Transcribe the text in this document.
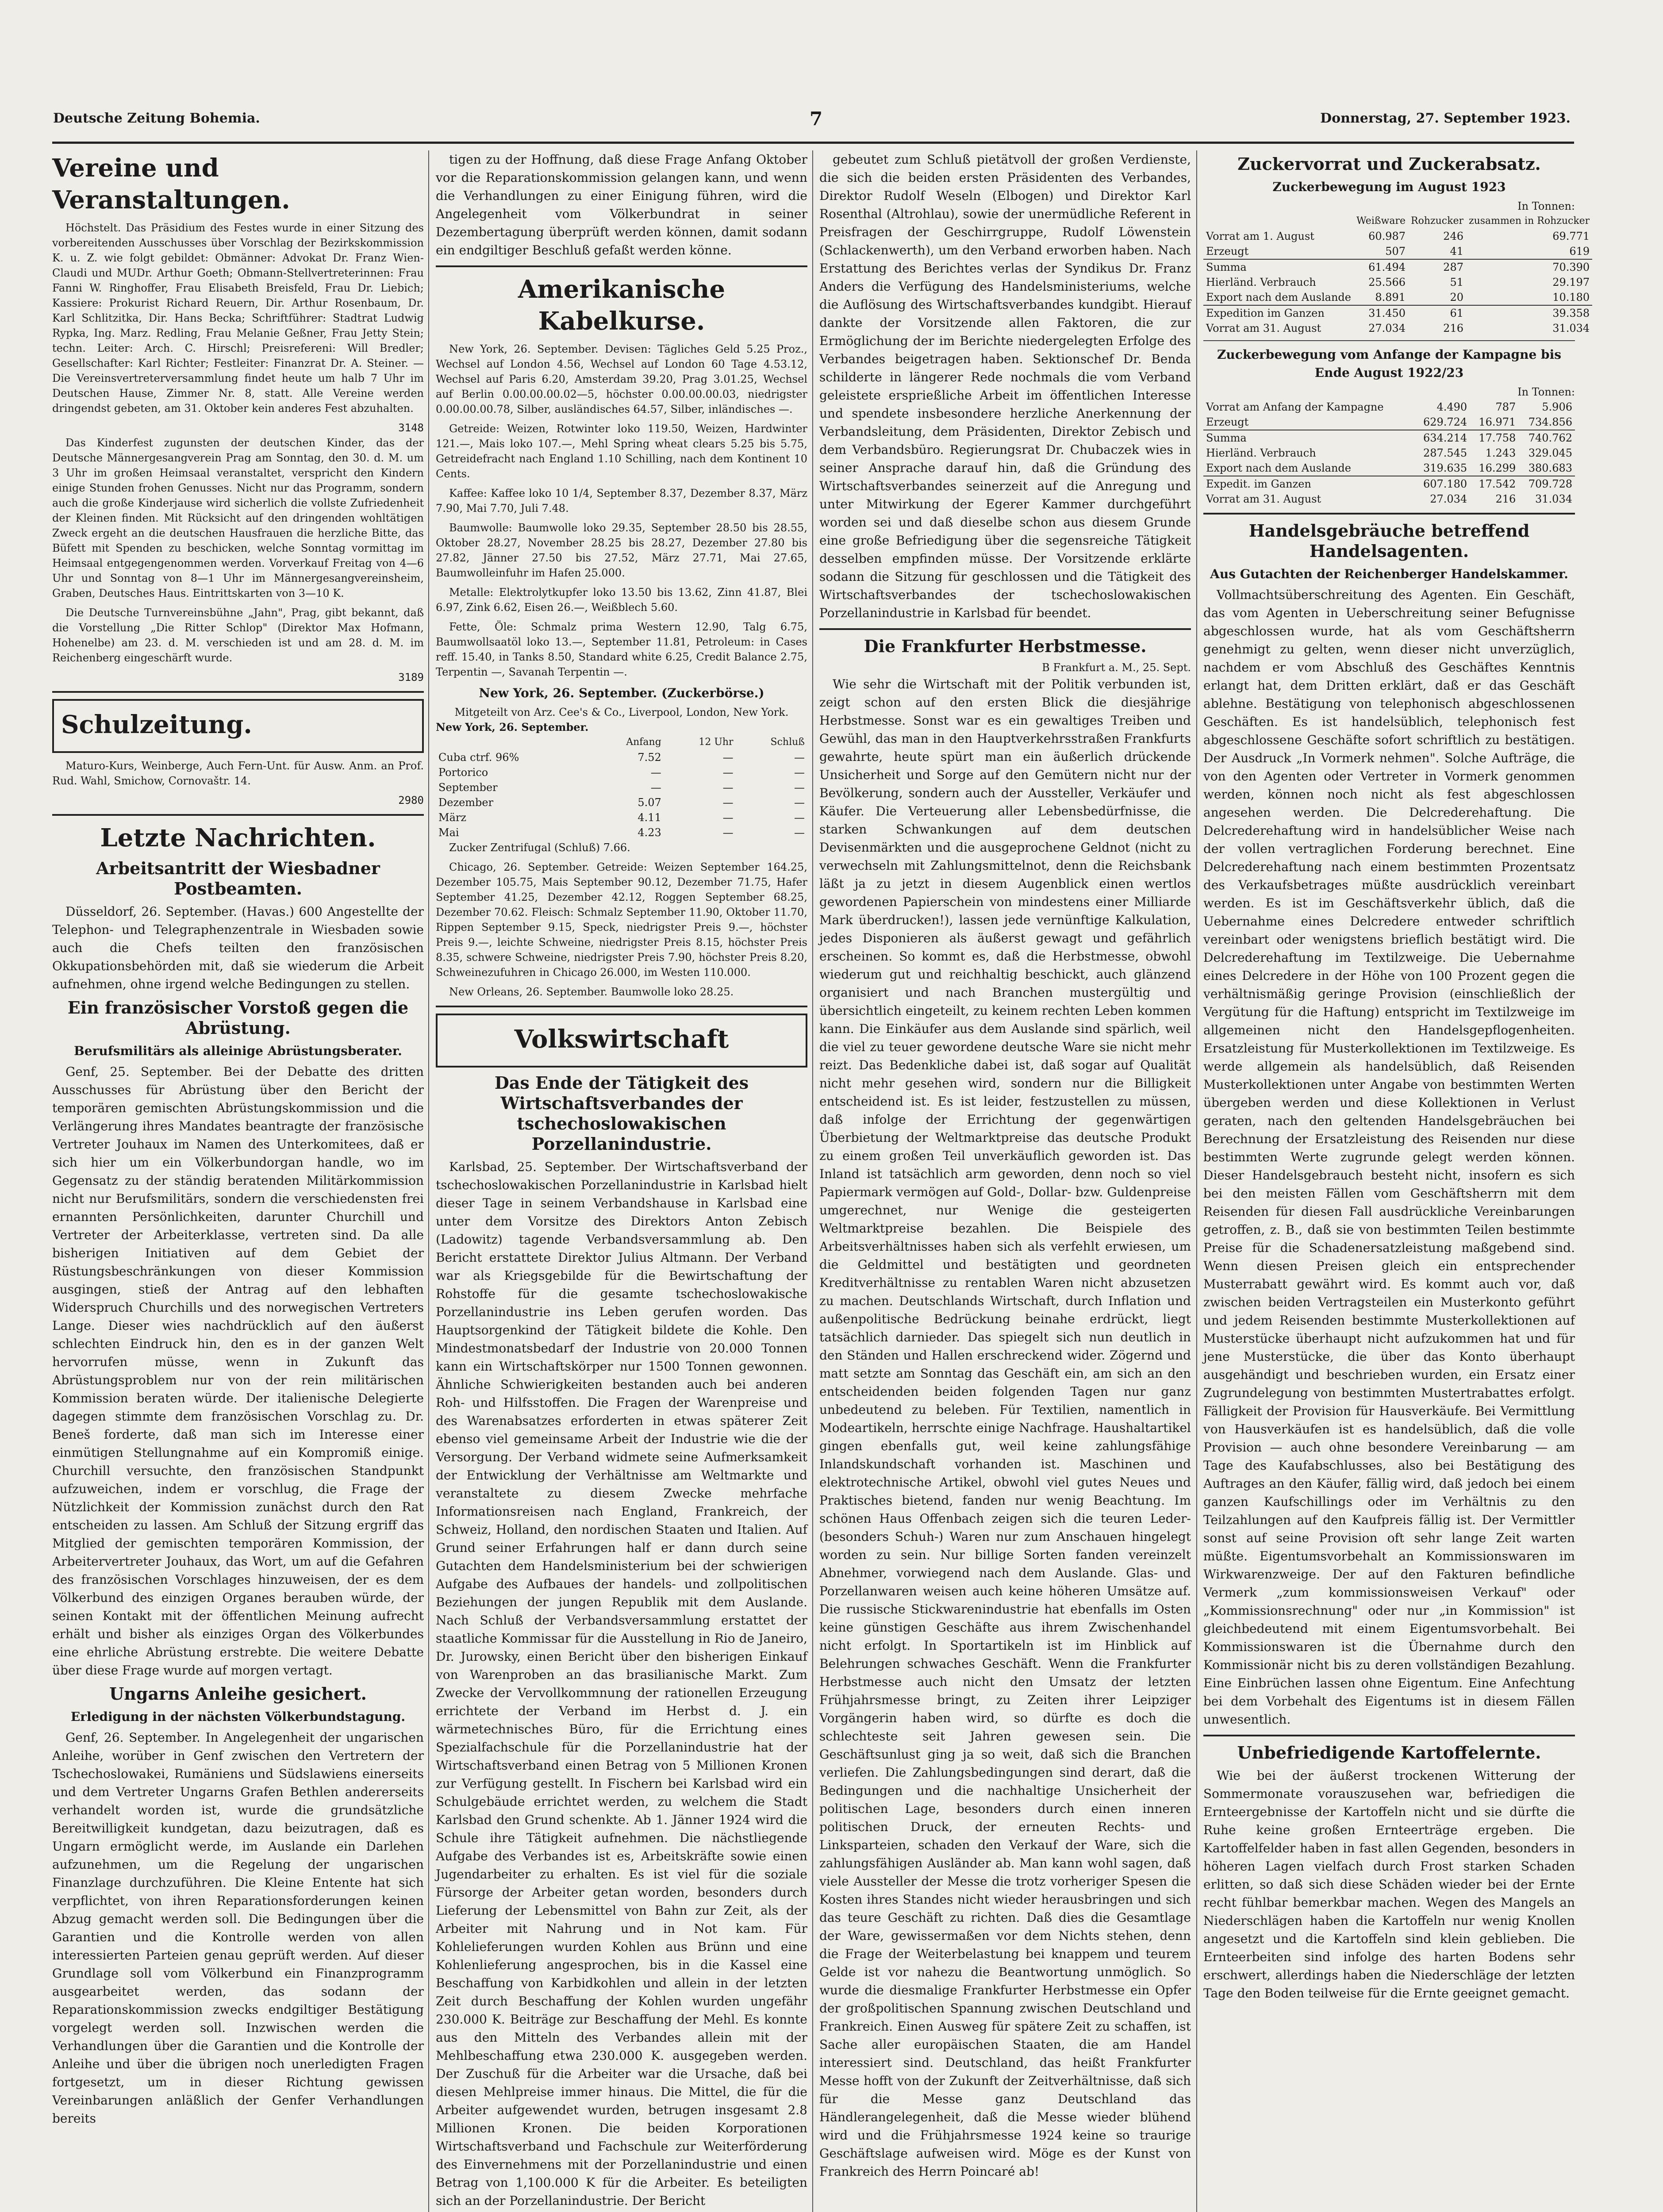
Deutsche Zeitung Bohemia.	7	Donnerstag, 27. September 1923.
Vereine und Veranstaltungen.

Höchstelt. Das Präsidium des Festes wurde in einer Sitzung des vorbereitenden Ausschusses über Vorschlag der Bezirkskommission K. u. Z. wie folgt gebildet: Obmänner: Advokat Dr. Franz Wien-Claudi und MUDr. Arthur Goeth; Obmann-Stellvertreterinnen: Frau Fanni W. Ringhoffer, Frau Elisabeth Breisfeld, Frau Dr. Liebich; Kassiere: Prokurist Richard Reuern, Dir. Arthur Rosenbaum, Dr. Karl Schlitzitka, Dir. Hans Becka; Schriftführer: Stadtrat Ludwig Rypka, Ing. Marz. Redling, Frau Melanie Geßner, Frau Jetty Stein; techn. Leiter: Arch. C. Hirschl; Preisrefereni: Will Bredler; Gesellschafter: Karl Richter; Festleiter: Finanzrat Dr. A. Steiner. — Die Vereinsvertreterversammlung findet heute um halb 7 Uhr im Deutschen Hause, Zimmer Nr. 8, statt. Alle Vereine werden dringendst gebeten, am 31. Oktober kein anderes Fest abzuhalten.

3148

Das Kinderfest zugunsten der deutschen Kinder, das der Deutsche Männergesangverein Prag am Sonntag, den 30. d. M. um 3 Uhr im großen Heimsaal veranstaltet, verspricht den Kindern einige Stunden frohen Genusses. Nicht nur das Programm, sondern auch die große Kinderjause wird sicherlich die vollste Zufriedenheit der Kleinen finden. Mit Rücksicht auf den dringenden wohltätigen Zweck ergeht an die deutschen Hausfrauen die herzliche Bitte, das Büfett mit Spenden zu beschicken, welche Sonntag vormittag im Heimsaal entgegengenommen werden. Vorverkauf Freitag von 4—6 Uhr und Sonntag von 8—1 Uhr im Männergesangvereinsheim, Graben, Deutsches Haus. Eintrittskarten von 3—10 K.

Die Deutsche Turnvereinsbühne „Jahn", Prag, gibt bekannt, daß die Vorstellung „Die Ritter Schlop" (Direktor Max Hofmann, Hohenelbe) am 23. d. M. verschieden ist und am 28. d. M. im Reichenberg eingeschärft wurde.

3189
Schulzeitung.

Maturo-Kurs, Weinberge, Auch Fern-Unt. für Ausw. Anm. an Prof. Rud. Wahl, Smichow, Cornovaštr. 14.

2980
Letzte Nachrichten.
Arbeitsantritt der Wiesbadner Postbeamten.

Düsseldorf, 26. September. (Havas.) 600 Angestellte der Telephon- und Telegraphenzentrale in Wiesbaden sowie auch die Chefs teilten den französischen Okkupationsbehörden mit, daß sie wiederum die Arbeit aufnehmen, ohne irgend welche Bedingungen zu stellen.

Ein französischer Vorstoß gegen die Abrüstung.
Berufsmilitärs als alleinige Abrüstungsberater.

Genf, 25. September. Bei der Debatte des dritten Ausschusses für Abrüstung über den Bericht der temporären gemischten Abrüstungskommission und die Verlängerung ihres Mandates beantragte der französische Vertreter Jouhaux im Namen des Unterkomitees, daß er sich hier um ein Völkerbundorgan handle, wo im Gegensatz zu der ständig beratenden Militärkommission nicht nur Berufsmilitärs, sondern die verschiedensten frei ernannten Persönlichkeiten, darunter Churchill und Vertreter der Arbeiterklasse, vertreten sind. Da alle bisherigen Initiativen auf dem Gebiet der Rüstungsbeschränkungen von dieser Kommission ausgingen, stieß der Antrag auf den lebhaften Widerspruch Churchills und des norwegischen Vertreters Lange. Dieser wies nachdrücklich auf den äußerst schlechten Eindruck hin, den es in der ganzen Welt hervorrufen müsse, wenn in Zukunft das Abrüstungsproblem nur von der rein militärischen Kommission beraten würde. Der italienische Delegierte dagegen stimmte dem französischen Vorschlag zu. Dr. Beneš forderte, daß man sich im Interesse einer einmütigen Stellungnahme auf ein Kompromiß einige. Churchill versuchte, den französischen Standpunkt aufzuweichen, indem er vorschlug, die Frage der Nützlichkeit der Kommission zunächst durch den Rat entscheiden zu lassen. Am Schluß der Sitzung ergriff das Mitglied der gemischten temporären Kommission, der Arbeitervertreter Jouhaux, das Wort, um auf die Gefahren des französischen Vorschlages hinzuweisen, der es dem Völkerbund des einzigen Organes berauben würde, der seinen Kontakt mit der öffentlichen Meinung aufrecht erhält und bisher als einziges Organ des Völkerbundes eine ehrliche Abrüstung erstrebte. Die weitere Debatte über diese Frage wurde auf morgen vertagt.

Ungarns Anleihe gesichert.
Erledigung in der nächsten Völkerbundstagung.

Genf, 26. September. In Angelegenheit der ungarischen Anleihe, worüber in Genf zwischen den Vertretern der Tschechoslowakei, Rumäniens und Südslawiens einerseits und dem Vertreter Ungarns Grafen Bethlen andererseits verhandelt worden ist, wurde die grundsätzliche Bereitwilligkeit kundgetan, dazu beizutragen, daß es Ungarn ermöglicht werde, im Auslande ein Darlehen aufzunehmen, um die Regelung der ungarischen Finanzlage durchzuführen. Die Kleine Entente hat sich verpflichtet, von ihren Reparationsforderungen keinen Abzug gemacht werden soll. Die Bedingungen über die Garantien und die Kontrolle werden von allen interessierten Parteien genau geprüft werden. Auf dieser Grundlage soll vom Völkerbund ein Finanzprogramm ausgearbeitet werden, das sodann der Reparationskommission zwecks endgiltiger Bestätigung vorgelegt werden soll. Inzwischen werden die Verhandlungen über die Garantien und die Kontrolle der Anleihe und über die übrigen noch unerledigten Fragen fortgesetzt, um in dieser Richtung gewissen Vereinbarungen anläßlich der Genfer Verhandlungen bereits

tigen zu der Hoffnung, daß diese Frage Anfang Oktober vor die Reparationskommission gelangen kann, und wenn die Verhandlungen zu einer Einigung führen, wird die Angelegenheit vom Völkerbundrat in seiner Dezembertagung überprüft werden können, damit sodann ein endgiltiger Beschluß gefaßt werden könne.

Amerikanische Kabelkurse.

New York, 26. September. Devisen: Tägliches Geld 5.25 Proz., Wechsel auf London 4.56, Wechsel auf London 60 Tage 4.53.12, Wechsel auf Paris 6.20, Amsterdam 39.20, Prag 3.01.25, Wechsel auf Berlin 0.00.00.00.02—5, höchster 0.00.00.00.03, niedrigster 0.00.00.00.78, Silber, ausländisches 64.57, Silber, inländisches —.

Getreide: Weizen, Rotwinter loko 119.50, Weizen, Hardwinter 121.—, Mais loko 107.—, Mehl Spring wheat clears 5.25 bis 5.75, Getreidefracht nach England 1.10 Schilling, nach dem Kontinent 10 Cents.

Kaffee: Kaffee loko 10 1/4, September 8.37, Dezember 8.37, März 7.90, Mai 7.70, Juli 7.48.

Baumwolle: Baumwolle loko 29.35, September 28.50 bis 28.55, Oktober 28.27, November 28.25 bis 28.27, Dezember 27.80 bis 27.82, Jänner 27.50 bis 27.52, März 27.71, Mai 27.65, Baumwolleinfuhr im Hafen 25.000.

Metalle: Elektrolytkupfer loko 13.50 bis 13.62, Zinn 41.87, Blei 6.97, Zink 6.62, Eisen 26.—, Weißblech 5.60.

Fette, Öle: Schmalz prima Western 12.90, Talg 6.75, Baumwollsaatöl loko 13.—, September 11.81, Petroleum: in Cases reff. 15.40, in Tanks 8.50, Standard white 6.25, Credit Balance 2.75, Terpentin —, Savanah Terpentin —.

New York, 26. September. (Zuckerbörse.)
Mitgeteilt von Arz. Cee's & Co., Liverpool, London, New York.
New York, 26. September.
	Anfang	12 Uhr	Schluß
Cuba ctrf. 96%	7.52	—	—
Portorico	—	—	—
September	—	—	—
Dezember	5.07	—	—
März	4.11	—	—
Mai	4.23	—	—

Zucker Zentrifugal (Schluß) 7.66.

Chicago, 26. September. Getreide: Weizen September 164.25, Dezember 105.75, Mais September 90.12, Dezember 71.75, Hafer September 41.25, Dezember 42.12, Roggen September 68.25, Dezember 70.62. Fleisch: Schmalz September 11.90, Oktober 11.70, Rippen September 9.15, Speck, niedrigster Preis 9.—, höchster Preis 9.—, leichte Schweine, niedrigster Preis 8.15, höchster Preis 8.35, schwere Schweine, niedrigster Preis 7.90, höchster Preis 8.20, Schweinezufuhren in Chicago 26.000, im Westen 110.000.

New Orleans, 26. September. Baumwolle loko 28.25.

Volkswirtschaft
Das Ende der Tätigkeit des Wirtschaftsverbandes der tschechoslowakischen Porzellanindustrie.

Karlsbad, 25. September. Der Wirtschaftsverband der tschechoslowakischen Porzellanindustrie in Karlsbad hielt dieser Tage in seinem Verbandshause in Karlsbad eine unter dem Vorsitze des Direktors Anton Zebisch (Ladowitz) tagende Verbandsversammlung ab. Den Bericht erstattete Direktor Julius Altmann. Der Verband war als Kriegsgebilde für die Bewirtschaftung der Rohstoffe für die gesamte tschechoslowakische Porzellanindustrie ins Leben gerufen worden. Das Hauptsorgenkind der Tätigkeit bildete die Kohle. Den Mindestmonatsbedarf der Industrie von 20.000 Tonnen kann ein Wirtschaftskörper nur 1500 Tonnen gewonnen. Ähnliche Schwierigkeiten bestanden auch bei anderen Roh- und Hilfsstoffen. Die Fragen der Warenpreise und des Warenabsatzes erforderten in etwas späterer Zeit ebenso viel gemeinsame Arbeit der Industrie wie die der Versorgung. Der Verband widmete seine Aufmerksamkeit der Entwicklung der Verhältnisse am Weltmarkte und veranstaltete zu diesem Zwecke mehrfache Informationsreisen nach England, Frankreich, der Schweiz, Holland, den nordischen Staaten und Italien. Auf Grund seiner Erfahrungen half er dann durch seine Gutachten dem Handelsministerium bei der schwierigen Aufgabe des Aufbaues der handels- und zollpolitischen Beziehungen der jungen Republik mit dem Auslande. Nach Schluß der Verbandsversammlung erstattet der staatliche Kommissar für die Ausstellung in Rio de Janeiro, Dr. Jurowsky, einen Bericht über den bisherigen Einkauf von Warenproben an das brasilianische Markt. Zum Zwecke der Vervollkommnung der rationellen Erzeugung errichtete der Verband im Herbst d. J. ein wärmetechnisches Büro, für die Errichtung eines Spezialfachschule für die Porzellanindustrie hat der Wirtschaftsverband einen Betrag von 5 Millionen Kronen zur Verfügung gestellt. In Fischern bei Karlsbad wird ein Schulgebäude errichtet werden, zu welchem die Stadt Karlsbad den Grund schenkte. Ab 1. Jänner 1924 wird die Schule ihre Tätigkeit aufnehmen. Die nächstliegende Aufgabe des Verbandes ist es, Arbeitskräfte sowie einen Jugendarbeiter zu erhalten. Es ist viel für die soziale Fürsorge der Arbeiter getan worden, besonders durch Lieferung der Lebensmittel von Bahn zur Zeit, als der Arbeiter mit Nahrung und in Not kam. Für Kohlelieferungen wurden Kohlen aus Brünn und eine Kohlenlieferung angesprochen, bis in die Kassel eine Beschaffung von Karbidkohlen und allein in der letzten Zeit durch Beschaffung der Kohlen wurden ungefähr 230.000 K. Beiträge zur Beschaffung der Mehl. Es konnte aus den Mitteln des Verbandes allein mit der Mehlbeschaffung etwa 230.000 K. ausgegeben werden. Der Zuschuß für die Arbeiter war die Ursache, daß bei diesen Mehlpreise immer hinaus. Die Mittel, die für die Arbeiter aufgewendet wurden, betrugen insgesamt 2.8 Millionen Kronen. Die beiden Korporationen Wirtschaftsverband und Fachschule zur Weiterförderung des Einvernehmens mit der Porzellanindustrie und einen Betrag von 1,100.000 K für die Arbeiter. Es beteiligten sich an der Porzellanindustrie. Der Bericht

gebeutet zum Schluß pietätvoll der großen Verdienste, die sich die beiden ersten Präsidenten des Verbandes, Direktor Rudolf Weseln (Elbogen) und Direktor Karl Rosenthal (Altrohlau), sowie der unermüdliche Referent in Preisfragen der Geschirrgruppe, Rudolf Löwenstein (Schlackenwerth), um den Verband erworben haben. Nach Erstattung des Berichtes verlas der Syndikus Dr. Franz Anders die Verfügung des Handelsministeriums, welche die Auflösung des Wirtschaftsverbandes kundgibt. Hierauf dankte der Vorsitzende allen Faktoren, die zur Ermöglichung der im Berichte niedergelegten Erfolge des Verbandes beigetragen haben. Sektionschef Dr. Benda schilderte in längerer Rede nochmals die vom Verband geleistete ersprießliche Arbeit im öffentlichen Interesse und spendete insbesondere herzliche Anerkennung der Verbandsleitung, dem Präsidenten, Direktor Zebisch und dem Verbandsbüro. Regierungsrat Dr. Chubaczek wies in seiner Ansprache darauf hin, daß die Gründung des Wirtschaftsverbandes seinerzeit auf die Anregung und unter Mitwirkung der Egerer Kammer durchgeführt worden sei und daß dieselbe schon aus diesem Grunde eine große Befriedigung über die segensreiche Tätigkeit desselben empfinden müsse. Der Vorsitzende erklärte sodann die Sitzung für geschlossen und die Tätigkeit des Wirtschaftsverbandes der tschechoslowakischen Porzellanindustrie in Karlsbad für beendet.

Die Frankfurter Herbstmesse.
B Frankfurt a. M., 25. Sept.

Wie sehr die Wirtschaft mit der Politik verbunden ist, zeigt schon auf den ersten Blick die diesjährige Herbstmesse. Sonst war es ein gewaltiges Treiben und Gewühl, das man in den Hauptverkehrsstraßen Frankfurts gewahrte, heute spürt man ein äußerlich drückende Unsicherheit und Sorge auf den Gemütern nicht nur der Bevölkerung, sondern auch der Aussteller, Verkäufer und Käufer. Die Verteuerung aller Lebensbedürfnisse, die starken Schwankungen auf dem deutschen Devisenmärkten und die ausgeprochene Geldnot (nicht zu verwechseln mit Zahlungsmittelnot, denn die Reichsbank läßt ja zu jetzt in diesem Augenblick einen wertlos gewordenen Papierschein von mindestens einer Milliarde Mark überdrucken!), lassen jede vernünftige Kalkulation, jedes Disponieren als äußerst gewagt und gefährlich erscheinen. So kommt es, daß die Herbstmesse, obwohl wiederum gut und reichhaltig beschickt, auch glänzend organisiert und nach Branchen mustergültig und übersichtlich eingeteilt, zu keinem rechten Leben kommen kann. Die Einkäufer aus dem Auslande sind spärlich, weil die viel zu teuer gewordene deutsche Ware sie nicht mehr reizt. Das Bedenkliche dabei ist, daß sogar auf Qualität nicht mehr gesehen wird, sondern nur die Billigkeit entscheidend ist. Es ist leider, festzustellen zu müssen, daß infolge der Errichtung der gegenwärtigen Überbietung der Weltmarktpreise das deutsche Produkt zu einem großen Teil unverkäuflich geworden ist. Das Inland ist tatsächlich arm geworden, denn noch so viel Papiermark vermögen auf Gold-, Dollar- bzw. Guldenpreise umgerechnet, nur Wenige die gesteigerten Weltmarktpreise bezahlen. Die Beispiele des Arbeitsverhältnisses haben sich als verfehlt erwiesen, um die Geldmittel und bestätigten und geordneten Kreditverhältnisse zu rentablen Waren nicht abzusetzen zu machen. Deutschlands Wirtschaft, durch Inflation und außenpolitische Bedrückung beinahe erdrückt, liegt tatsächlich darnieder. Das spiegelt sich nun deutlich in den Ständen und Hallen erschreckend wider. Zögernd und matt setzte am Sonntag das Geschäft ein, am sich an den entscheidenden beiden folgenden Tagen nur ganz unbedeutend zu beleben. Für Textilien, namentlich in Modeartikeln, herrschte einige Nachfrage. Haushaltartikel gingen ebenfalls gut, weil keine zahlungsfähige Inlandskundschaft vorhanden ist. Maschinen und elektrotechnische Artikel, obwohl viel gutes Neues und Praktisches bietend, fanden nur wenig Beachtung. Im schönen Haus Offenbach zeigen sich die teuren Leder- (besonders Schuh-) Waren nur zum Anschauen hingelegt worden zu sein. Nur billige Sorten fanden vereinzelt Abnehmer, vorwiegend nach dem Auslande. Glas- und Porzellanwaren weisen auch keine höheren Umsätze auf. Die russische Stickwarenindustrie hat ebenfalls im Osten keine günstigen Geschäfte aus ihrem Zwischenhandel nicht erfolgt. In Sportartikeln ist im Hinblick auf Belehrungen schwaches Geschäft. Wenn die Frankfurter Herbstmesse auch nicht den Umsatz der letzten Frühjahrsmesse bringt, zu Zeiten ihrer Leipziger Vorgängerin haben wird, so dürfte es doch die schlechteste seit Jahren gewesen sein. Die Geschäftsunlust ging ja so weit, daß sich die Branchen verliefen. Die Zahlungsbedingungen sind derart, daß die Bedingungen und die nachhaltige Unsicherheit der politischen Lage, besonders durch einen inneren politischen Druck, der erneuten Rechts- und Linksparteien, schaden den Verkauf der Ware, sich die zahlungsfähigen Ausländer ab. Man kann wohl sagen, daß viele Aussteller der Messe die trotz vorheriger Spesen die Kosten ihres Standes nicht wieder herausbringen und sich das teure Geschäft zu richten. Daß dies die Gesamtlage der Ware, gewissermaßen vor dem Nichts stehen, denn die Frage der Weiterbelastung bei knappem und teurem Gelde ist vor nahezu die Beantwortung unmöglich. So wurde die diesmalige Frankfurter Herbstmesse ein Opfer der großpolitischen Spannung zwischen Deutschland und Frankreich. Einen Ausweg für spätere Zeit zu schaffen, ist Sache aller europäischen Staaten, die am Handel interessiert sind. Deutschland, das heißt Frankfurter Messe hofft von der Zukunft der Zeitverhältnisse, daß sich für die Messe ganz Deutschland das Händlerangelegenheit, daß die Messe wieder blühend wird und die Frühjahrsmesse 1924 keine so traurige Geschäftslage aufweisen wird. Möge es der Kunst von Frankreich des Herrn Poincaré ab!

Zuckervorrat und Zuckerabsatz.
Zuckerbewegung im August 1923
In Tonnen:
	Weißware	Rohzucker	zusammen in Rohzucker
Vorrat am 1. August	60.987	246	69.771
Erzeugt	507	41	619
Summa	61.494	287	70.390
Hierländ. Verbrauch	25.566	51	29.197
Export nach dem Auslande	8.891	20	10.180
Expedition im Ganzen	31.450	61	39.358
Vorrat am 31. August	27.034	216	31.034
Zuckerbewegung vom Anfange der Kampagne bis Ende August 1922/23
In Tonnen:
Vorrat am Anfang der Kampagne	4.490	787	5.906
Erzeugt	629.724	16.971	734.856
Summa	634.214	17.758	740.762
Hierländ. Verbrauch	287.545	1.243	329.045
Export nach dem Auslande	319.635	16.299	380.683
Expedit. im Ganzen	607.180	17.542	709.728
Vorrat am 31. August	27.034	216	31.034
Handelsgebräuche betreffend Handelsagenten.
Aus Gutachten der Reichenberger Handelskammer.

Vollmachtsüberschreitung des Agenten. Ein Geschäft, das vom Agenten in Ueberschreitung seiner Befugnisse abgeschlossen wurde, hat als vom Geschäftsherrn genehmigt zu gelten, wenn dieser nicht unverzüglich, nachdem er vom Abschluß des Geschäftes Kenntnis erlangt hat, dem Dritten erklärt, daß er das Geschäft ablehne. Bestätigung von telephonisch abgeschlossenen Geschäften. Es ist handelsüblich, telephonisch fest abgeschlossene Geschäfte sofort schriftlich zu bestätigen. Der Ausdruck „In Vormerk nehmen". Solche Aufträge, die von den Agenten oder Vertreter in Vormerk genommen werden, können noch nicht als fest abgeschlossen angesehen werden. Die Delcrederehaftung. Die Delcrederehaftung wird in handelsüblicher Weise nach der vollen vertraglichen Forderung berechnet. Eine Delcrederehaftung nach einem bestimmten Prozentsatz des Verkaufsbetrages müßte ausdrücklich vereinbart werden. Es ist im Geschäftsverkehr üblich, daß die Uebernahme eines Delcredere entweder schriftlich vereinbart oder wenigstens brieflich bestätigt wird. Die Delcrederehaftung im Textilzweige. Die Uebernahme eines Delcredere in der Höhe von 100 Prozent gegen die verhältnismäßig geringe Provision (einschließlich der Vergütung für die Haftung) entspricht im Textilzweige im allgemeinen nicht den Handelsgepflogenheiten. Ersatzleistung für Musterkollektionen im Textilzweige. Es werde allgemein als handelsüblich, daß Reisenden Musterkollektionen unter Angabe von bestimmten Werten übergeben werden und diese Kollektionen in Verlust geraten, nach den geltenden Handelsgebräuchen bei Berechnung der Ersatzleistung des Reisenden nur diese bestimmten Werte zugrunde gelegt werden können. Dieser Handelsgebrauch besteht nicht, insofern es sich bei den meisten Fällen vom Geschäftsherrn mit dem Reisenden für diesen Fall ausdrückliche Vereinbarungen getroffen, z. B., daß sie von bestimmten Teilen bestimmte Preise für die Schadenersatzleistung maßgebend sind. Wenn diesen Preisen gleich ein entsprechender Musterrabatt gewährt wird. Es kommt auch vor, daß zwischen beiden Vertragsteilen ein Musterkonto geführt und jedem Reisenden bestimmte Musterkollektionen auf Musterstücke überhaupt nicht aufzukommen hat und für jene Musterstücke, die über das Konto überhaupt ausgehändigt und beschrieben wurden, ein Ersatz einer Zugrundelegung von bestimmten Mustertrabattes erfolgt. Fälligkeit der Provision für Hausverkäufe. Bei Vermittlung von Hausverkäufen ist es handelsüblich, daß die volle Provision — auch ohne besondere Vereinbarung — am Tage des Kaufabschlusses, also bei Bestätigung des Auftrages an den Käufer, fällig wird, daß jedoch bei einem ganzen Kaufschillings oder im Verhältnis zu den Teilzahlungen auf den Kaufpreis fällig ist. Der Vermittler sonst auf seine Provision oft sehr lange Zeit warten müßte. Eigentumsvorbehalt an Kommissionswaren im Wirkwarenzweige. Der auf den Fakturen befindliche Vermerk „zum kommissionsweisen Verkauf" oder „Kommissionsrechnung" oder nur „in Kommission" ist gleichbedeutend mit einem Eigentumsvorbehalt. Bei Kommissionswaren ist die Übernahme durch den Kommissionär nicht bis zu deren vollständigen Bezahlung. Eine Einbrüchen lassen ohne Eigentum. Eine Anfechtung bei dem Vorbehalt des Eigentums ist in diesem Fällen unwesentlich.

Unbefriedigende Kartoffelernte.

Wie bei der äußerst trockenen Witterung der Sommermonate vorauszusehen war, befriedigen die Ernteergebnisse der Kartoffeln nicht und sie dürfte die Ruhe keine großen Ernteerträge ergeben. Die Kartoffelfelder haben in fast allen Gegenden, besonders in höheren Lagen vielfach durch Frost starken Schaden erlitten, so daß sich diese Schäden wieder bei der Ernte recht fühlbar bemerkbar machen. Wegen des Mangels an Niederschlägen haben die Kartoffeln nur wenig Knollen angesetzt und die Kartoffeln sind klein geblieben. Die Ernteerbeiten sind infolge des harten Bodens sehr erschwert, allerdings haben die Niederschläge der letzten Tage den Boden teilweise für die Ernte geeignet gemacht.
